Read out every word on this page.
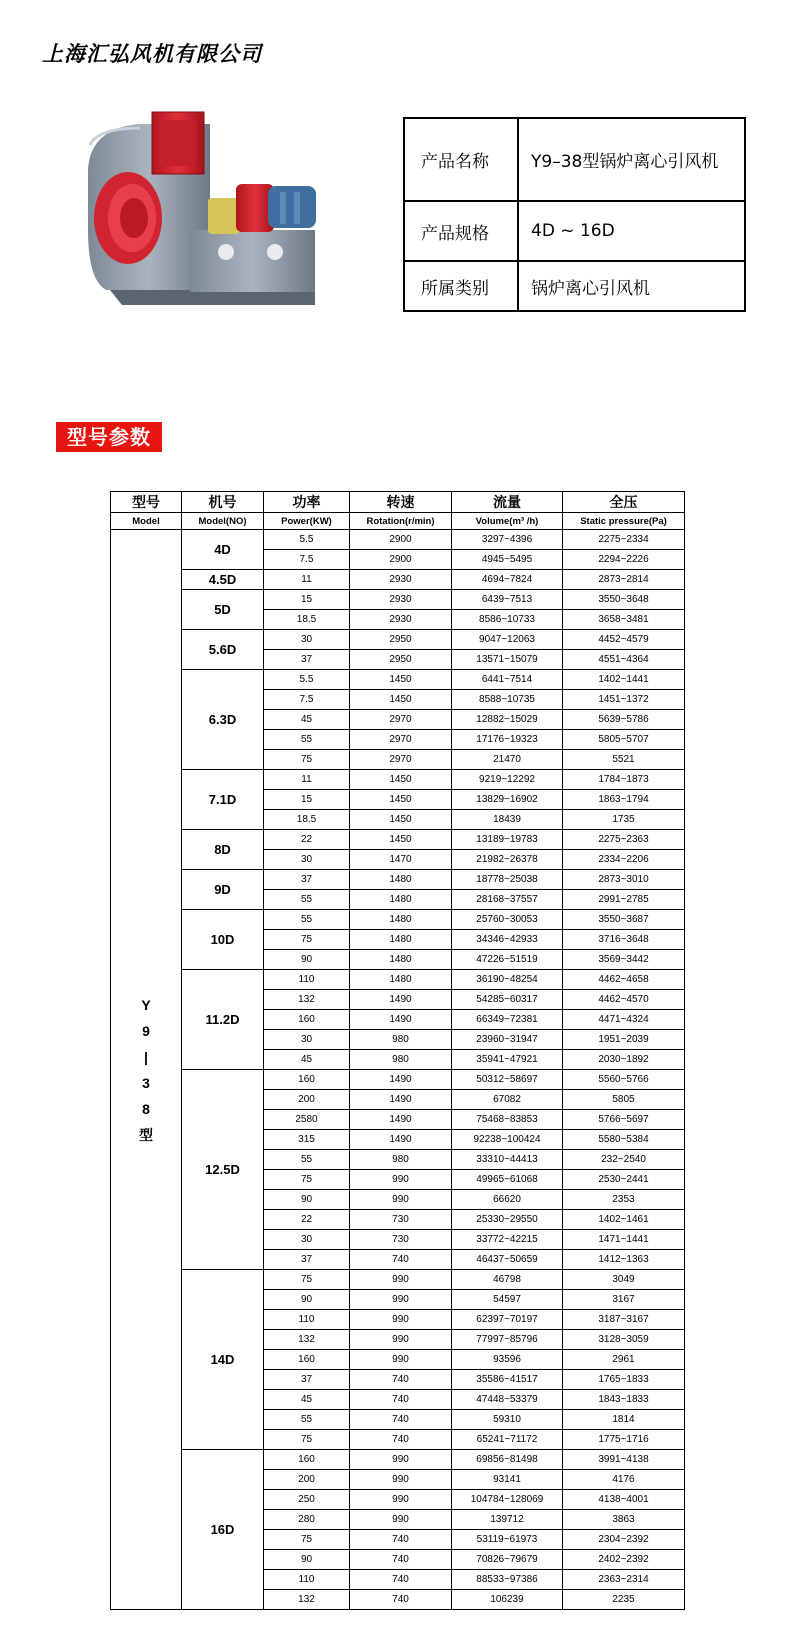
上海汇弘风机有限公司
产品名称	Y9–38型锅炉离心引风机
产品规格	4D ~ 16D
所属类别	锅炉离心引风机
型号参数
型号	机号	功率	转速	流量	全压
Model	Model(NO)	Power(KW)	Rotation(r/min)	Volume(m³ /h)	Static pressure(Pa)
Y 9 | 3 8 型	4D	5.5	2900	3297~4396	2275~2334
		7.5	2900	4945~5495	2294~2226
	4.5D	11	2930	4694~7824	2873~2814
	5D	15	2930	6439~7513	3550~3648
		18.5	2930	8586~10733	3658~3481
	5.6D	30	2950	9047~12063	4452~4579
		37	2950	13571~15079	4551~4364
	6.3D	5.5	1450	6441~7514	1402~1441
		7.5	1450	8588~10735	1451~1372
		45	2970	12882~15029	5639~5786
		55	2970	17176~19323	5805~5707
		75	2970	21470	5521
	7.1D	11	1450	9219~12292	1784~1873
		15	1450	13829~16902	1863~1794
		18.5	1450	18439	1735
	8D	22	1450	13189~19783	2275~2363
		30	1470	21982~26378	2334~2206
	9D	37	1480	18778~25038	2873~3010
		55	1480	28168~37557	2991~2785
	10D	55	1480	25760~30053	3550~3687
		75	1480	34346~42933	3716~3648
		90	1480	47226~51519	3569~3442
	11.2D	110	1480	36190~48254	4462~4658
		132	1490	54285~60317	4462~4570
		160	1490	66349~72381	4471~4324
		30	980	23960~31947	1951~2039
		45	980	35941~47921	2030~1892
	12.5D	160	1490	50312~58697	5560~5766
		200	1490	67082	5805
		2580	1490	75468~83853	5766~5697
		315	1490	92238~100424	5580~5384
		55	980	33310~44413	232~2540
		75	990	49965~61068	2530~2441
		90	990	66620	2353
		22	730	25330~29550	1402~1461
		30	730	33772~42215	1471~1441
		37	740	46437~50659	1412~1363
	14D	75	990	46798	3049
		90	990	54597	3167
		110	990	62397~70197	3187~3167
		132	990	77997~85796	3128~3059
		160	990	93596	2961
		37	740	35586~41517	1765~1833
		45	740	47448~53379	1843~1833
		55	740	59310	1814
		75	740	65241~71172	1775~1716
	16D	160	990	69856~81498	3991~4138
		200	990	93141	4176
		250	990	104784~128069	4138~4001
		280	990	139712	3863
		75	740	53119~61973	2304~2392
		90	740	70826~79679	2402~2392
		110	740	88533~97386	2363~2314
		132	740	106239	2235
